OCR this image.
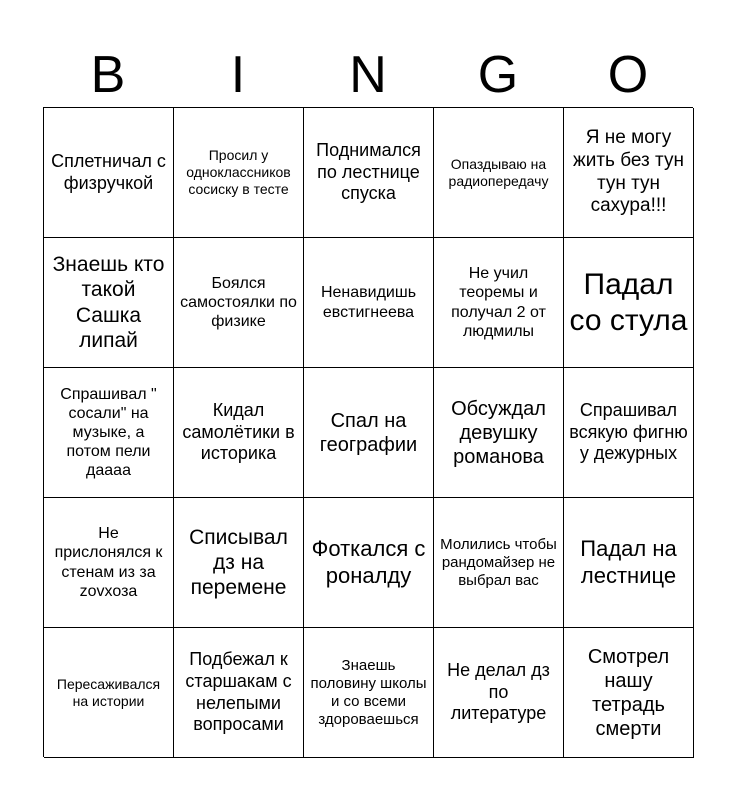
B	I	N	G	O
Сплетничал с физручкой
Просил у одноклассников сосиску в тесте
Поднимался по лестнице спуска
Опаздываю на радиопередачу
Я не могу жить без тун тун тун сахура!!!
Знаешь кто такой Сашка липай
Боялся самостоялки по физике
Ненавидишь евстигнеева
Не учил теоремы и получал 2 от людмилы
Падал со стула
Спрашивал " сосали" на музыке, а потом пели даааа
Кидал самолётики в историка
Спал на географии
Обсуждал девушку романова
Спрашивал всякую фигню у дежурных
Не прислонялся к стенам из за zovхоза
Списывал дз на перемене
Фоткался с роналду
Молились чтобы рандомайзер не выбрал вас
Падал на лестнице
Пересаживался на истории
Подбежал к старшакам с нелепыми вопросами
Знаешь половину школы и со всеми здороваешься
Не делал дз по литературе
Смотрел нашу тетрадь смерти
